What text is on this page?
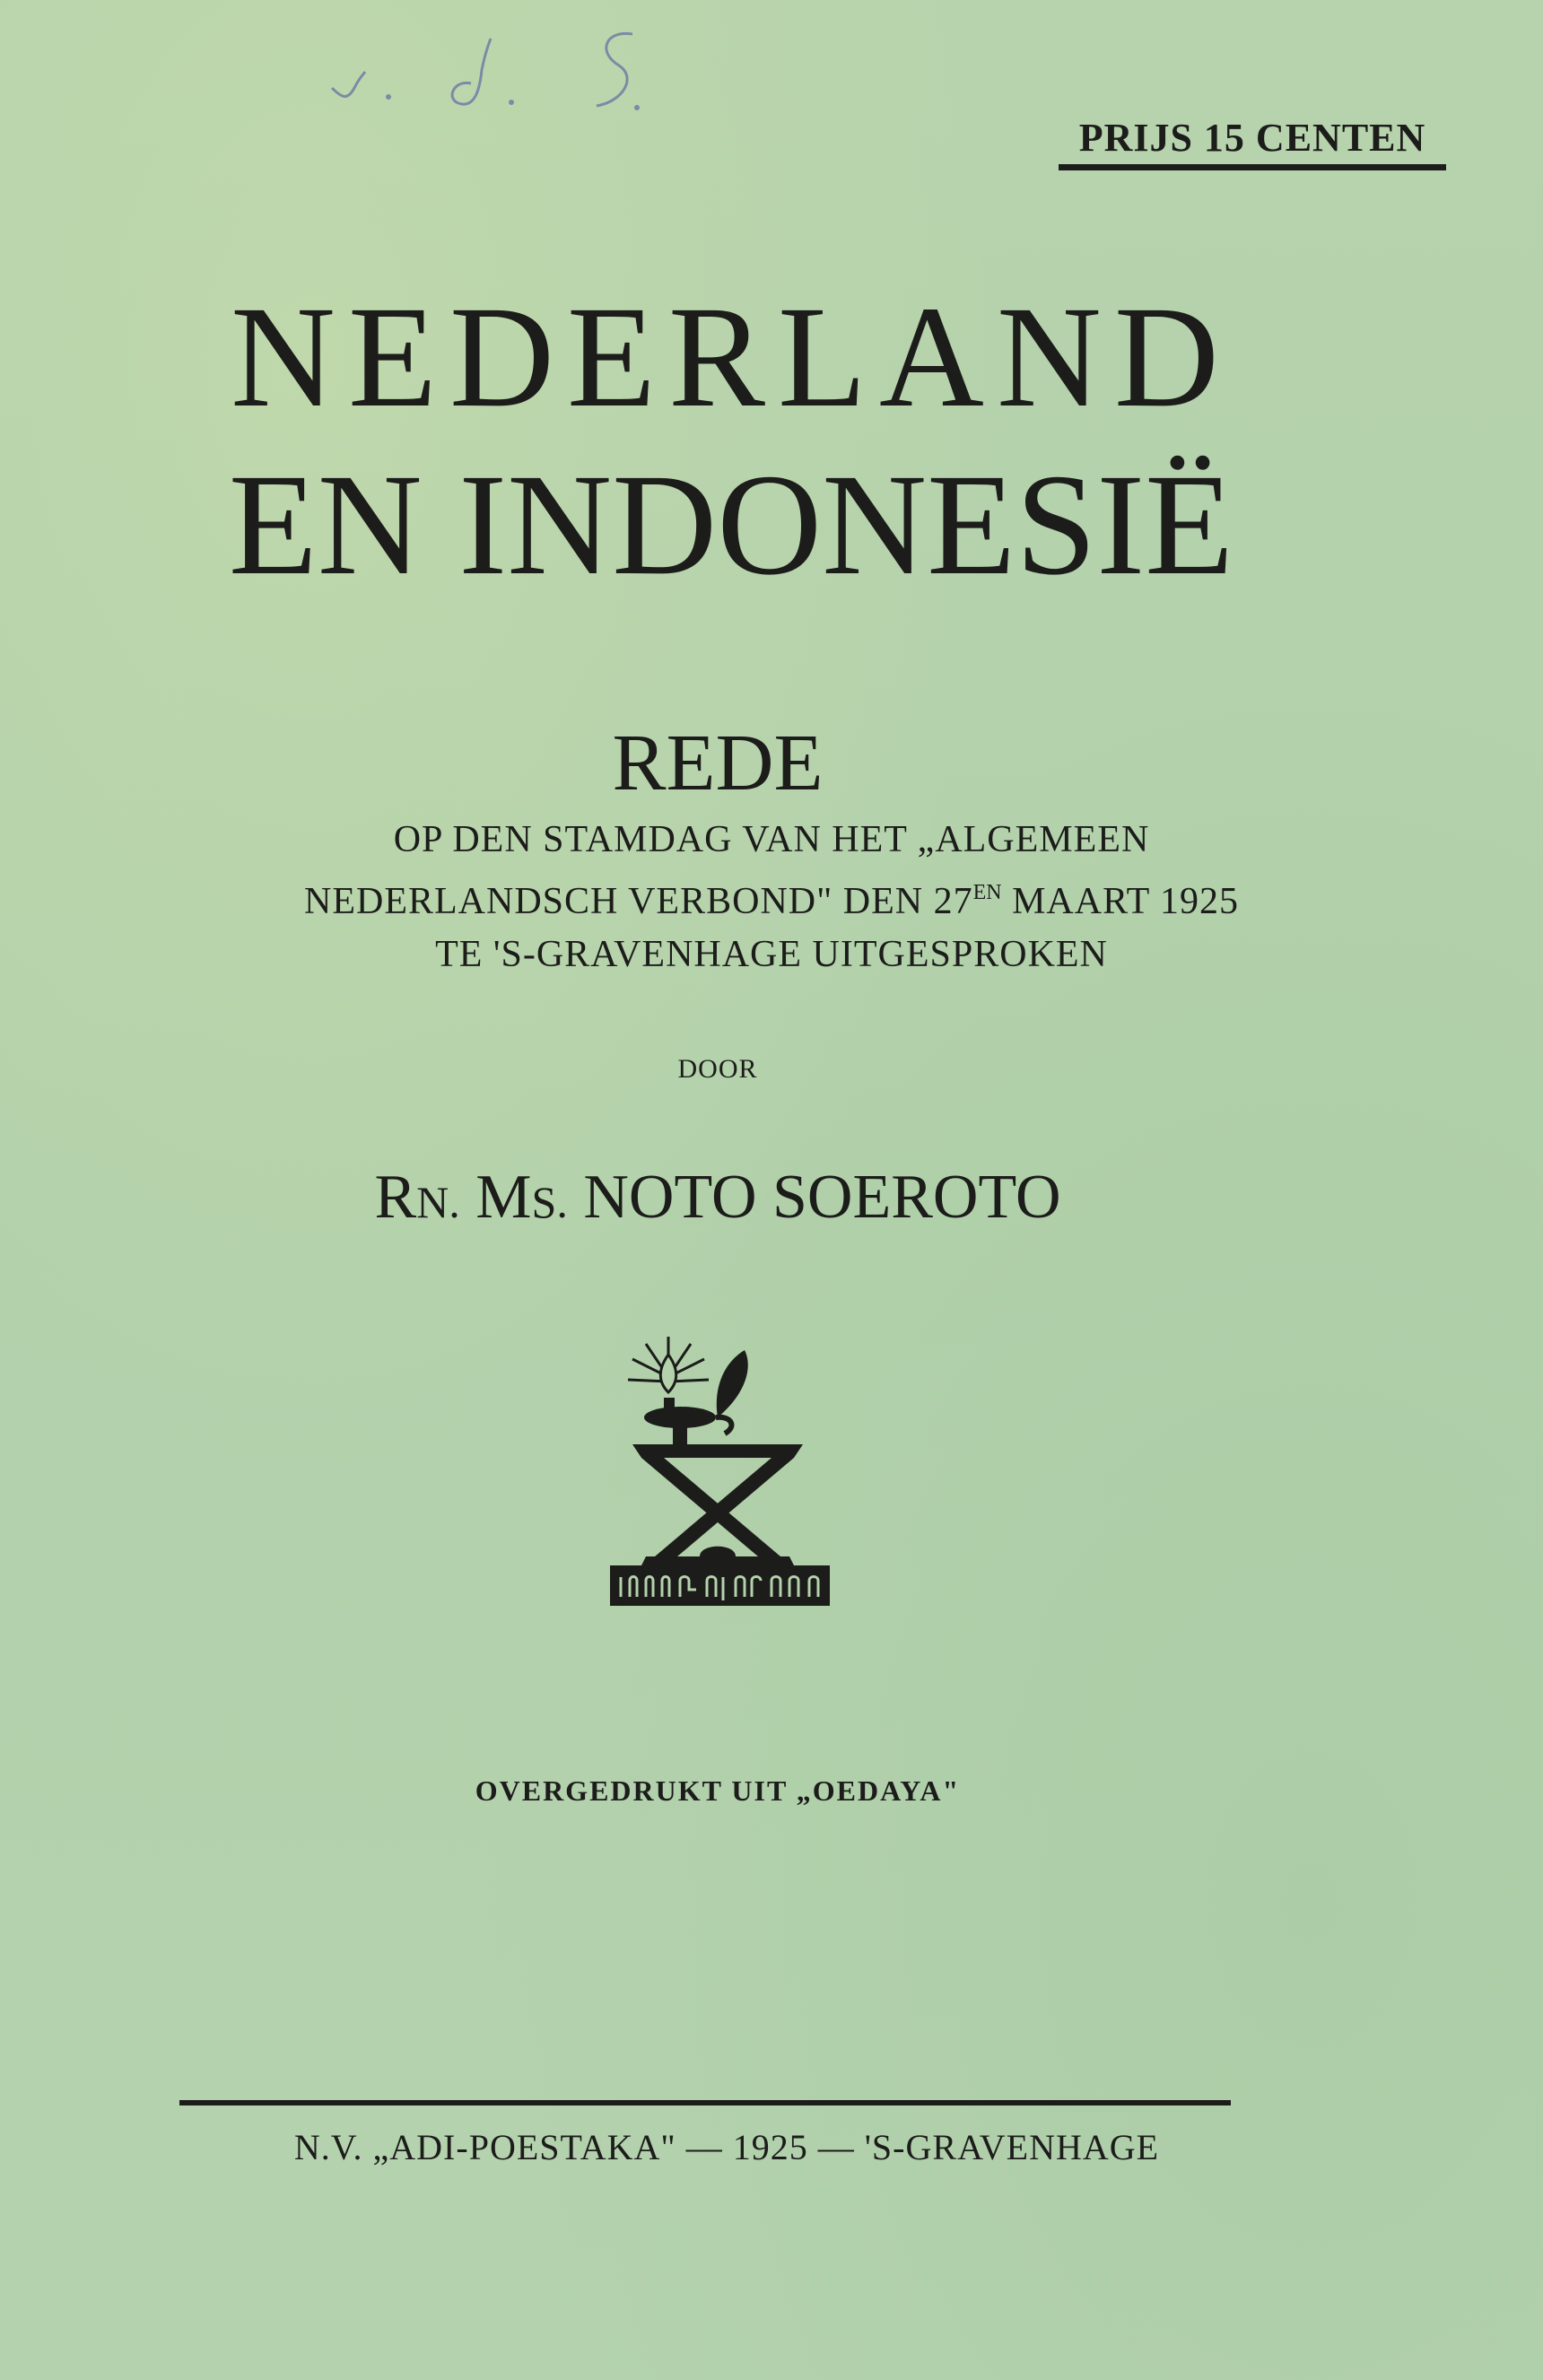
PRIJS 15 CENTEN
NEDERLAND
EN INDONESIË
REDE
OP DEN STAMDAG VAN HET „ALGEMEEN
NEDERLANDSCH VERBOND" DEN $27^{EN}$ MAART 1925
TE 'S-GRAVENHAGE UITGESPROKEN
DOOR
RN. MS. NOTO SOEROTO
OVERGEDRUKT UIT „OEDAYA"
N.V. „ADI-POESTAKA" — 1925 — 'S-GRAVENHAGE
